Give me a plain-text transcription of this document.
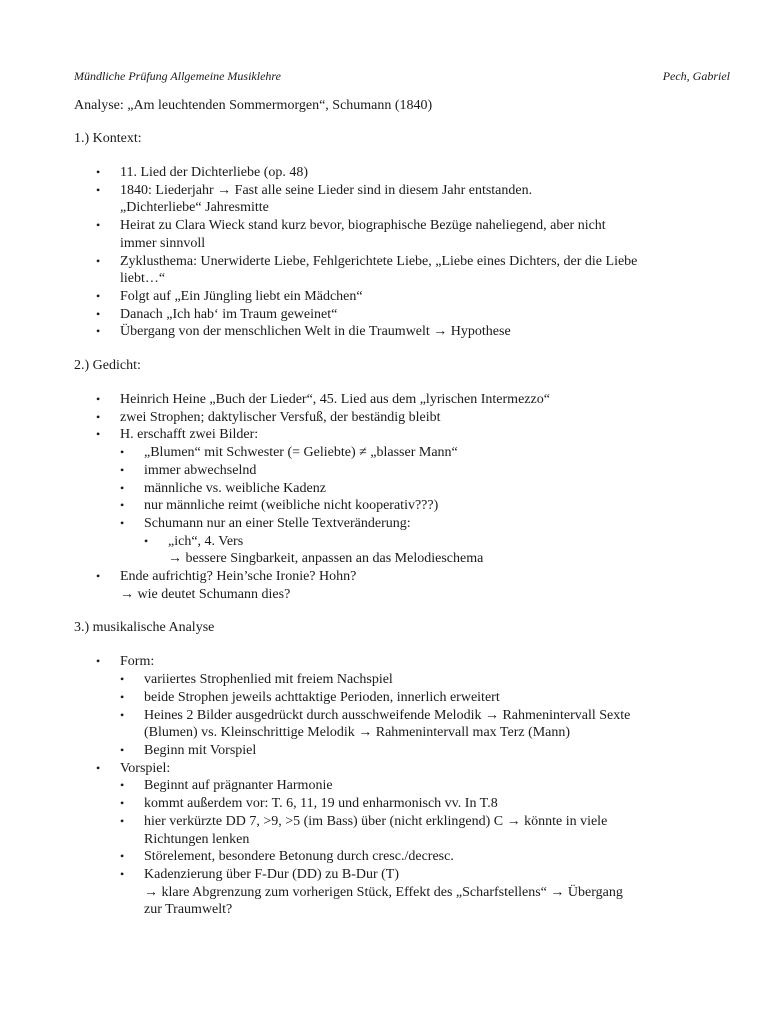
Mündliche Prüfung Allgemeine Musiklehre	Pech, Gabriel
Analyse: „Am leuchtenden Sommermorgen“, Schumann (1840)
1.) Kontext:
• 11. Lied der Dichterliebe (op. 48)
• 1840: Liederjahr → Fast alle seine Lieder sind in diesem Jahr entstanden.
„Dichterliebe“ Jahresmitte
• Heirat zu Clara Wieck stand kurz bevor, biographische Bezüge naheliegend, aber nicht
immer sinnvoll
• Zyklusthema: Unerwiderte Liebe, Fehlgerichtete Liebe, „Liebe eines Dichters, der die Liebe
liebt…“
• Folgt auf „Ein Jüngling liebt ein Mädchen“
• Danach „Ich hab‘ im Traum geweinet“
• Übergang von der menschlichen Welt in die Traumwelt → Hypothese
2.) Gedicht:
• Heinrich Heine „Buch der Lieder“, 45. Lied aus dem „lyrischen Intermezzo“
• zwei Strophen; daktylischer Versfuß, der beständig bleibt
• H. erschafft zwei Bilder:
• „Blumen“ mit Schwester (= Geliebte) ≠ „blasser Mann“
• immer abwechselnd
• männliche vs. weibliche Kadenz
• nur männliche reimt (weibliche nicht kooperativ???)
• Schumann nur an einer Stelle Textveränderung:
• „ich“, 4. Vers
→ bessere Singbarkeit, anpassen an das Melodieschema
• Ende aufrichtig? Hein’sche Ironie? Hohn?
→ wie deutet Schumann dies?
3.) musikalische Analyse
• Form:
• variiertes Strophenlied mit freiem Nachspiel
• beide Strophen jeweils achttaktige Perioden, innerlich erweitert
• Heines 2 Bilder ausgedrückt durch ausschweifende Melodik → Rahmenintervall Sexte
(Blumen) vs. Kleinschrittige Melodik → Rahmenintervall max Terz (Mann)
• Beginn mit Vorspiel
• Vorspiel:
• Beginnt auf prägnanter Harmonie
• kommt außerdem vor: T. 6, 11, 19 und enharmonisch vv. In T.8
• hier verkürzte DD 7, >9, >5 (im Bass) über (nicht erklingend) C → könnte in viele
Richtungen lenken
• Störelement, besondere Betonung durch cresc./decresc.
• Kadenzierung über F-Dur (DD) zu B-Dur (T)
→ klare Abgrenzung zum vorherigen Stück, Effekt des „Scharfstellens“ → Übergang
zur Traumwelt?
